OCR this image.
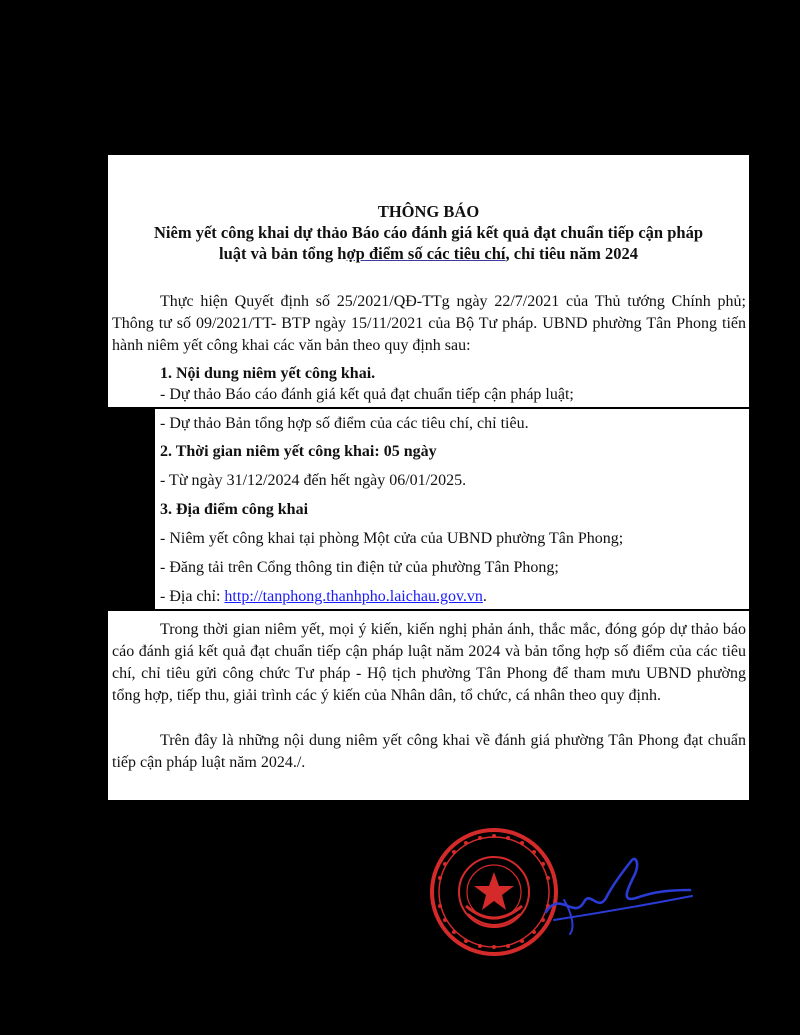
THÔNG BÁO
Niêm yết công khai dự thảo Báo cáo đánh giá kết quả đạt chuẩn tiếp cận pháp
luật và bản tổng hợp điểm số các tiêu chí, chỉ tiêu năm 2024
Thực hiện Quyết định số 25/2021/QĐ-TTg ngày 22/7/2021 của Thủ tướng Chính phủ; Thông tư số 09/2021/TT- BTP ngày 15/11/2021 của Bộ Tư pháp. UBND phường Tân Phong tiến hành niêm yết công khai các văn bản theo quy định sau:
1. Nội dung niêm yết công khai.
- Dự thảo Báo cáo đánh giá kết quả đạt chuẩn tiếp cận pháp luật;
- Dự thảo Bản tổng hợp số điểm của các tiêu chí, chỉ tiêu.
2. Thời gian niêm yết công khai: 05 ngày
- Từ ngày 31/12/2024 đến hết ngày 06/01/2025.
3. Địa điểm công khai
- Niêm yết công khai tại phòng Một cửa của UBND phường Tân Phong;
- Đăng tải trên Cổng thông tin điện tử của phường Tân Phong;
- Địa chỉ: http://tanphong.thanhpho.laichau.gov.vn.
Trong thời gian niêm yết, mọi ý kiến, kiến nghị phản ánh, thắc mắc, đóng góp dự thảo báo cáo đánh giá kết quả đạt chuẩn tiếp cận pháp luật năm 2024 và bản tổng hợp số điểm của các tiêu chí, chỉ tiêu gửi công chức Tư pháp - Hộ tịch phường Tân Phong để tham mưu UBND phường tổng hợp, tiếp thu, giải trình các ý kiến của Nhân dân, tổ chức, cá nhân theo quy định.
Trên đây là những nội dung niêm yết công khai về đánh giá phường Tân Phong đạt chuẩn tiếp cận pháp luật năm 2024./.
